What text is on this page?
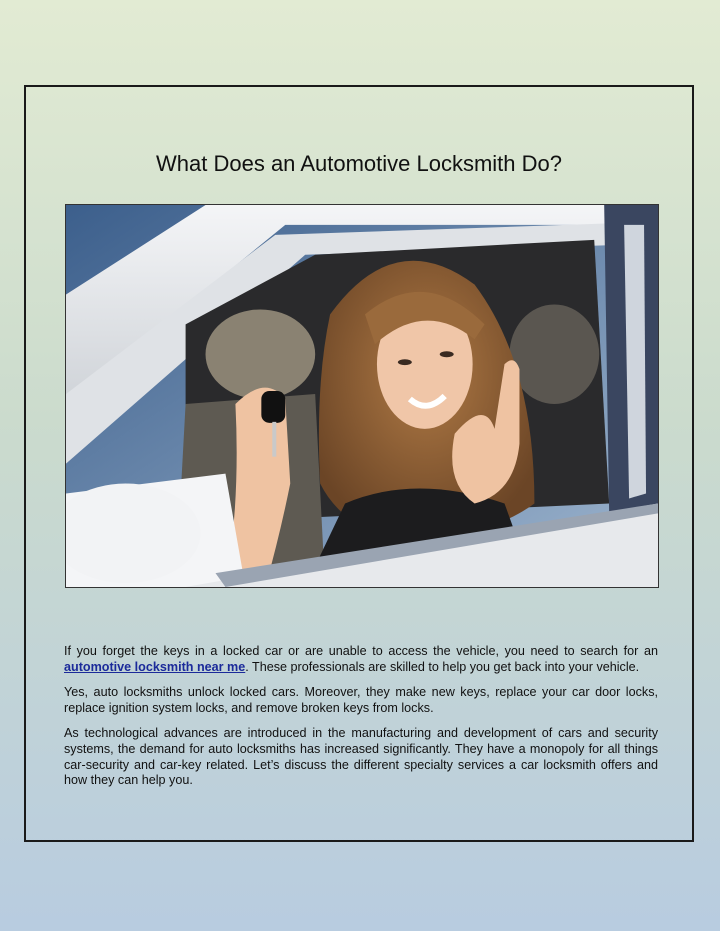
What Does an Automotive Locksmith Do?

If you forget the keys in a locked car or are unable to access the vehicle, you need to search for an automotive locksmith near me. These professionals are skilled to help you get back into your vehicle.

Yes, auto locksmiths unlock locked cars. Moreover, they make new keys, replace your car door locks, replace ignition system locks, and remove broken keys from locks.

As technological advances are introduced in the manufacturing and development of cars and security systems, the demand for auto locksmiths has increased significantly. They have a monopoly for all things car-security and car-key related. Let’s discuss the different specialty services a car locksmith offers and how they can help you.
